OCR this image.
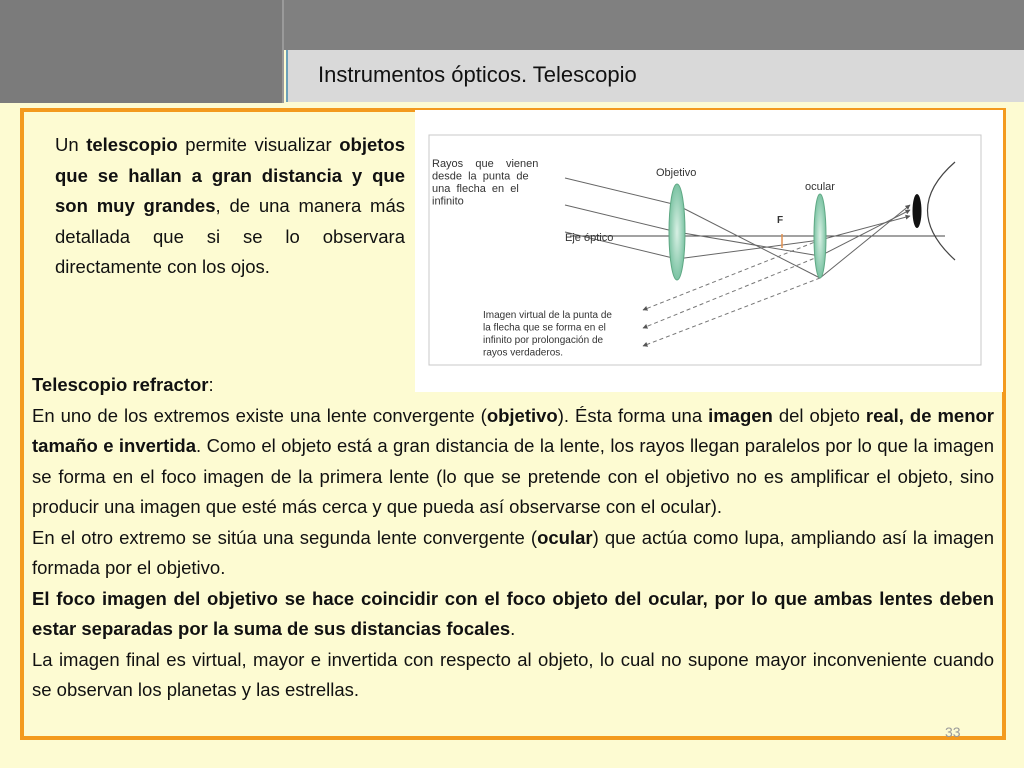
Instrumentos ópticos. Telescopio
Un telescopio permite visualizar objetos que se hallan a gran distancia y que son muy grandes, de una manera más detallada que si se lo observara directamente con los ojos.
Rayos    que    vienen desde  la  punta  de una  flecha  en  el infinito
Objetivo
ocular
F
Eje óptico
Imagen virtual de la punta de la flecha que se forma en el infinito por prolongación de rayos verdaderos.

Telescopio refractor:

En uno de los extremos existe una lente convergente (objetivo). Ésta forma una imagen del objeto real, de menor tamaño e invertida. Como el objeto está a gran distancia de la lente, los rayos llegan paralelos por lo que la imagen se forma en el foco imagen de la primera lente (lo que se pretende con el objetivo no es amplificar el objeto, sino producir una imagen que esté más cerca y que pueda así observarse con el ocular).

En el otro extremo se sitúa una segunda lente convergente (ocular) que actúa como lupa, ampliando así la imagen formada por el objetivo.

El foco imagen del objetivo se hace coincidir con el foco objeto del ocular, por lo que ambas lentes deben estar separadas por la suma de sus distancias focales.

La imagen final es virtual, mayor e invertida con respecto al objeto, lo cual no supone mayor inconveniente cuando se observan los planetas y las estrellas.

33
